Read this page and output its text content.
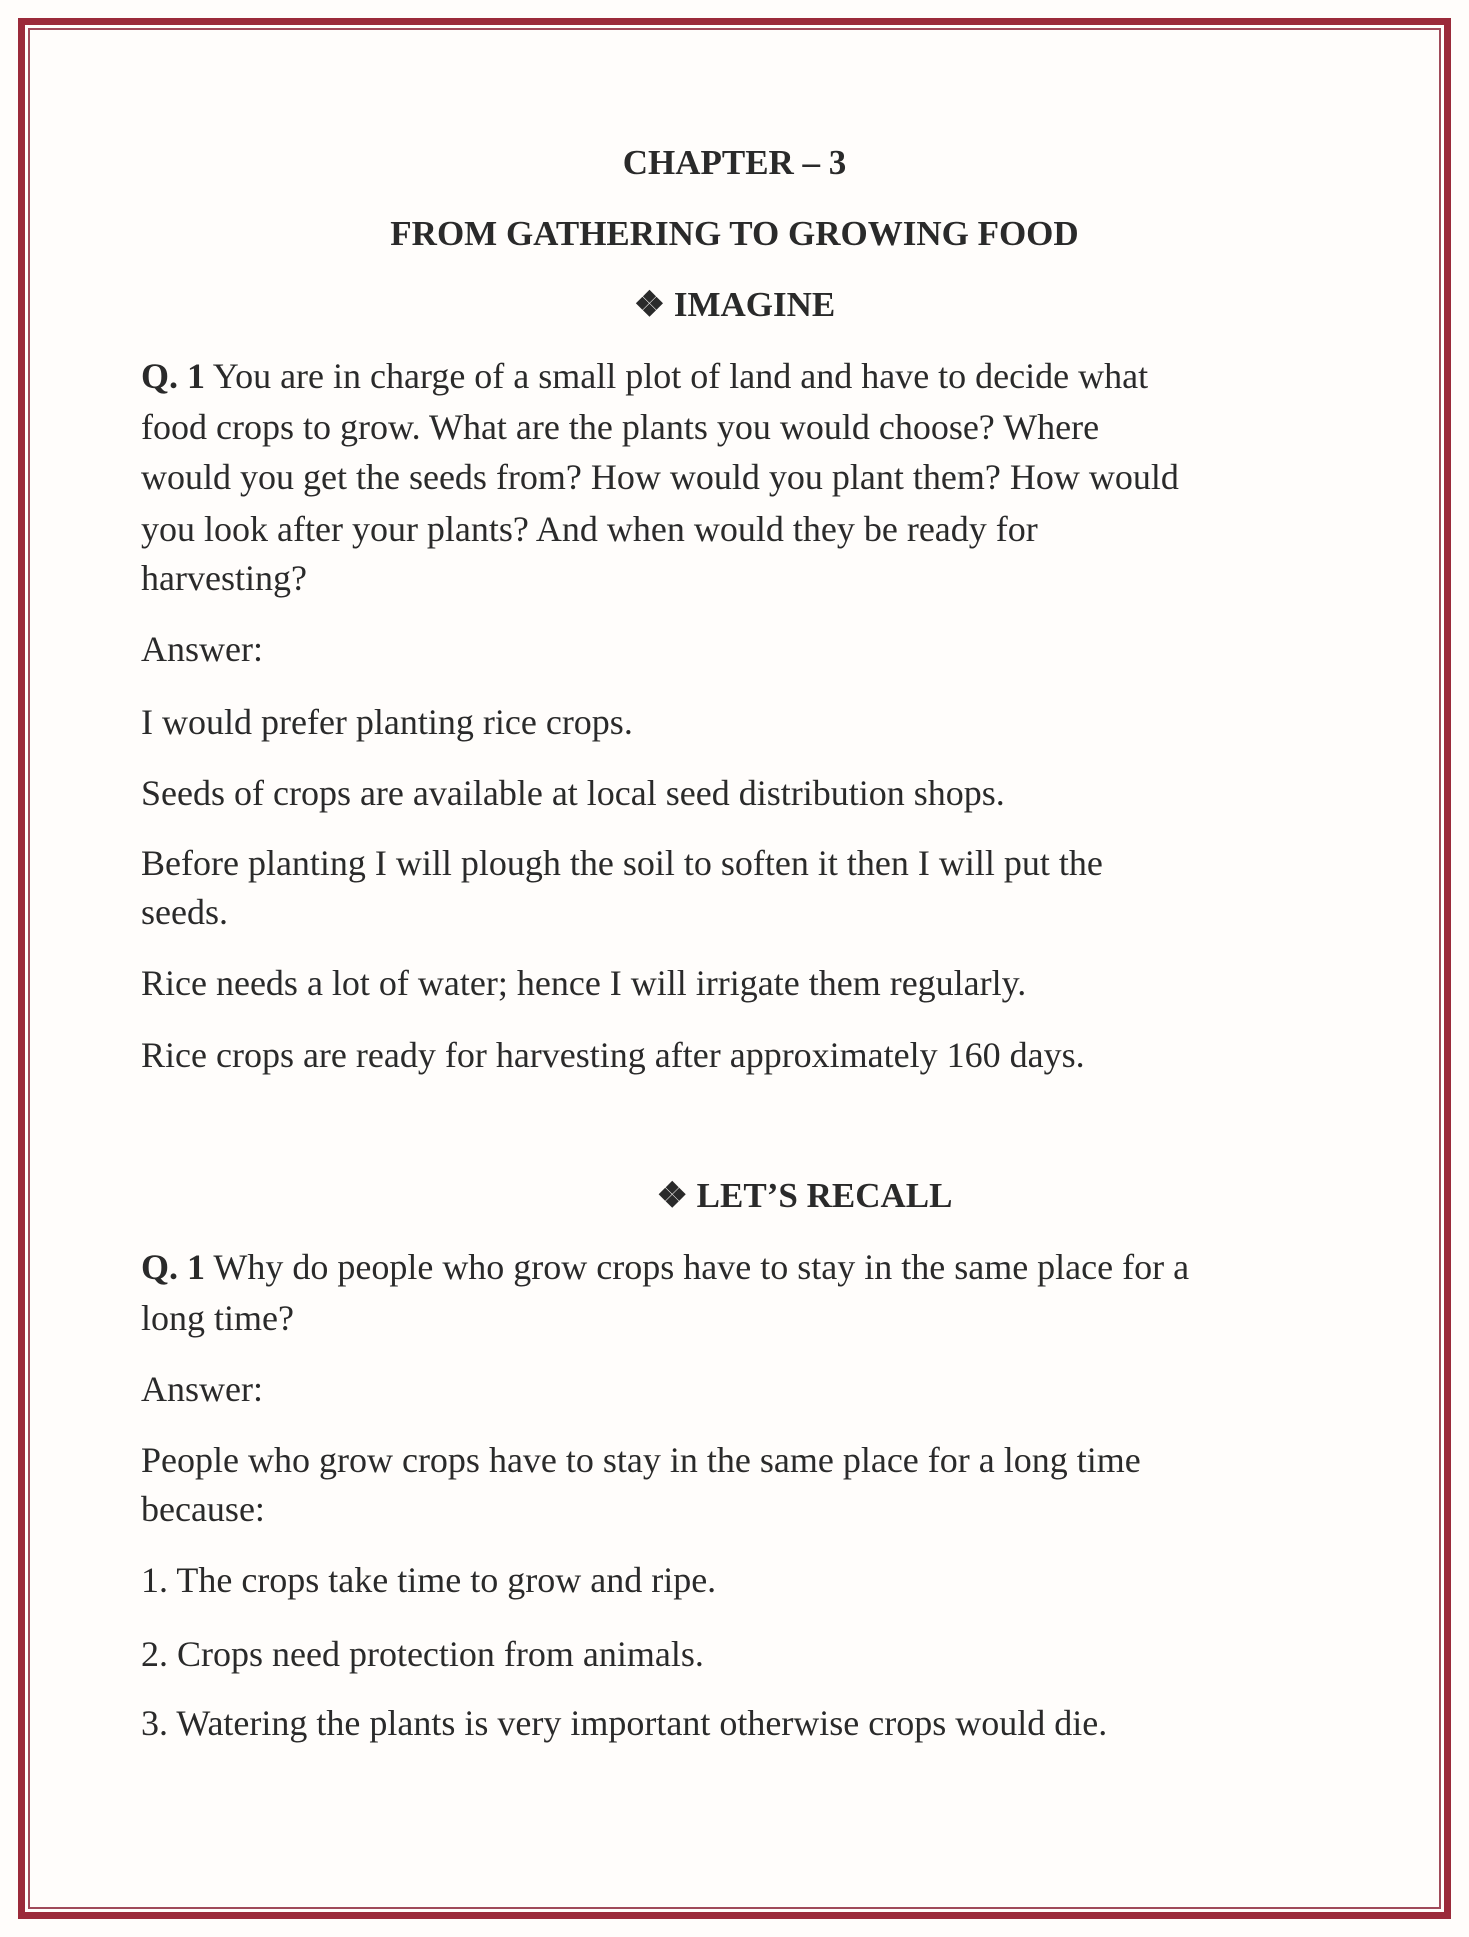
CHAPTER – 3
FROM GATHERING TO GROWING FOOD
❖ IMAGINE
Q. 1 You are in charge of a small plot of land and have to decide what
food crops to grow. What are the plants you would choose? Where
would you get the seeds from? How would you plant them? How would
you look after your plants? And when would they be ready for
harvesting?
Answer:
I would prefer planting rice crops.
Seeds of crops are available at local seed distribution shops.
Before planting I will plough the soil to soften it then I will put the
seeds.
Rice needs a lot of water; hence I will irrigate them regularly.
Rice crops are ready for harvesting after approximately 160 days.
❖ LET’S RECALL
Q. 1 Why do people who grow crops have to stay in the same place for a
long time?
Answer:
People who grow crops have to stay in the same place for a long time
because:
1. The crops take time to grow and ripe.
2. Crops need protection from animals.
3. Watering the plants is very important otherwise crops would die.
